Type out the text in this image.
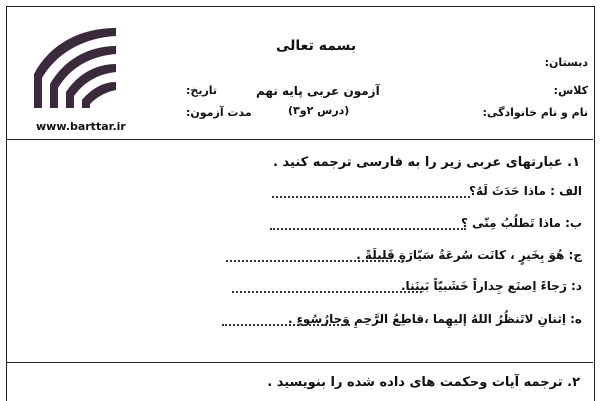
www.barttar.ir
بسمه تعالی
دبستان:
کلاس:
نام و نام خانوادگی:
آزمون عربی پایه نهم
(درس ۲و۳)
تاریخ:
مدت آزمون:
۱. عبارتهای عربی زیر را به فارسی ترجمه کنید .
الف : ماذا حَدَثَ لَهُ؟
ب: ماذا تَطلُبُ مِنّی ؟
ج: هُوَ بِخَیرٍ ، کانَت سُرعَةُ سَیّارَةٍ قَلیلَةً .
د: رَجاءً اِصنَع جِداراً خَشَبیّاً بَینَنا.
ه: اِثنانِ لاتَنظُرُ اللهُ إلیهِما ،قاطِعُ الرَّحِمِ وَجارُسُوءٍ .
۲. ترجمه آیات وحکمت های داده شده را بنویسید .
